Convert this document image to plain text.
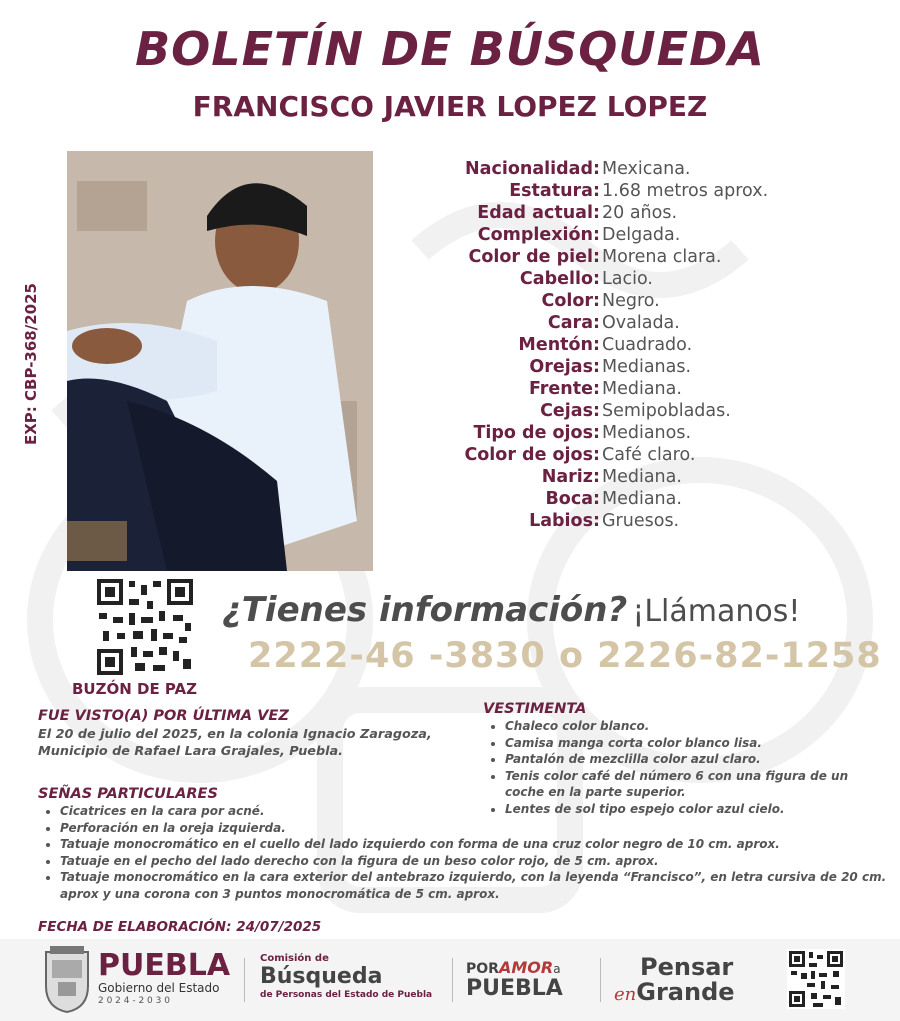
BOLETÍN DE BÚSQUEDA
FRANCISCO JAVIER LOPEZ LOPEZ
EXP: CBP-368/2025
Nacionalidad: Mexicana.
Estatura: 1.68 metros aprox.
Edad actual: 20 años.
Complexión: Delgada.
Color de piel: Morena clara.
Cabello: Lacio.
Color: Negro.
Cara: Ovalada.
Mentón: Cuadrado.
Orejas: Medianas.
Frente: Mediana.
Cejas: Semipobladas.
Tipo de ojos: Medianos.
Color de ojos: Café claro.
Nariz: Mediana.
Boca: Mediana.
Labios: Gruesos.
BUZÓN DE PAZ
¿Tienes información? ¡Llámanos!
2222-46 -3830 o 2226-82-1258
FUE VISTO(A) POR ÚLTIMA VEZ

El 20 de julio del 2025, en la colonia Ignacio Zaragoza, Municipio de Rafael Lara Grajales, Puebla.

VESTIMENTA
• Chaleco color blanco.
• Camisa manga corta color blanco lisa.
• Pantalón de mezclilla color azul claro.
• Tenis color café del número 6 con una figura de un coche en la parte superior.
• Lentes de sol tipo espejo color azul cielo.
SEÑAS PARTICULARES
• Cicatrices en la cara por acné.
• Perforación en la oreja izquierda.
• Tatuaje monocromático en el cuello del lado izquierdo con forma de una cruz color negro de 10 cm. aprox.
• Tatuaje en el pecho del lado derecho con la figura de un beso color rojo, de 5 cm. aprox.
• Tatuaje monocromático en la cara exterior del antebrazo izquierdo, con la leyenda “Francisco”, en letra cursiva de 20 cm. aprox y una corona con 3 puntos monocromática de 5 cm. aprox.
FECHA DE ELABORACIÓN: 24/07/2025
PUEBLA
Gobierno del Estado
2 0 2 4 - 2 0 3 0
Comisión de
Búsqueda
de Personas del Estado de Puebla
PORAMORa
PUEBLA
Pensar
enGrande
